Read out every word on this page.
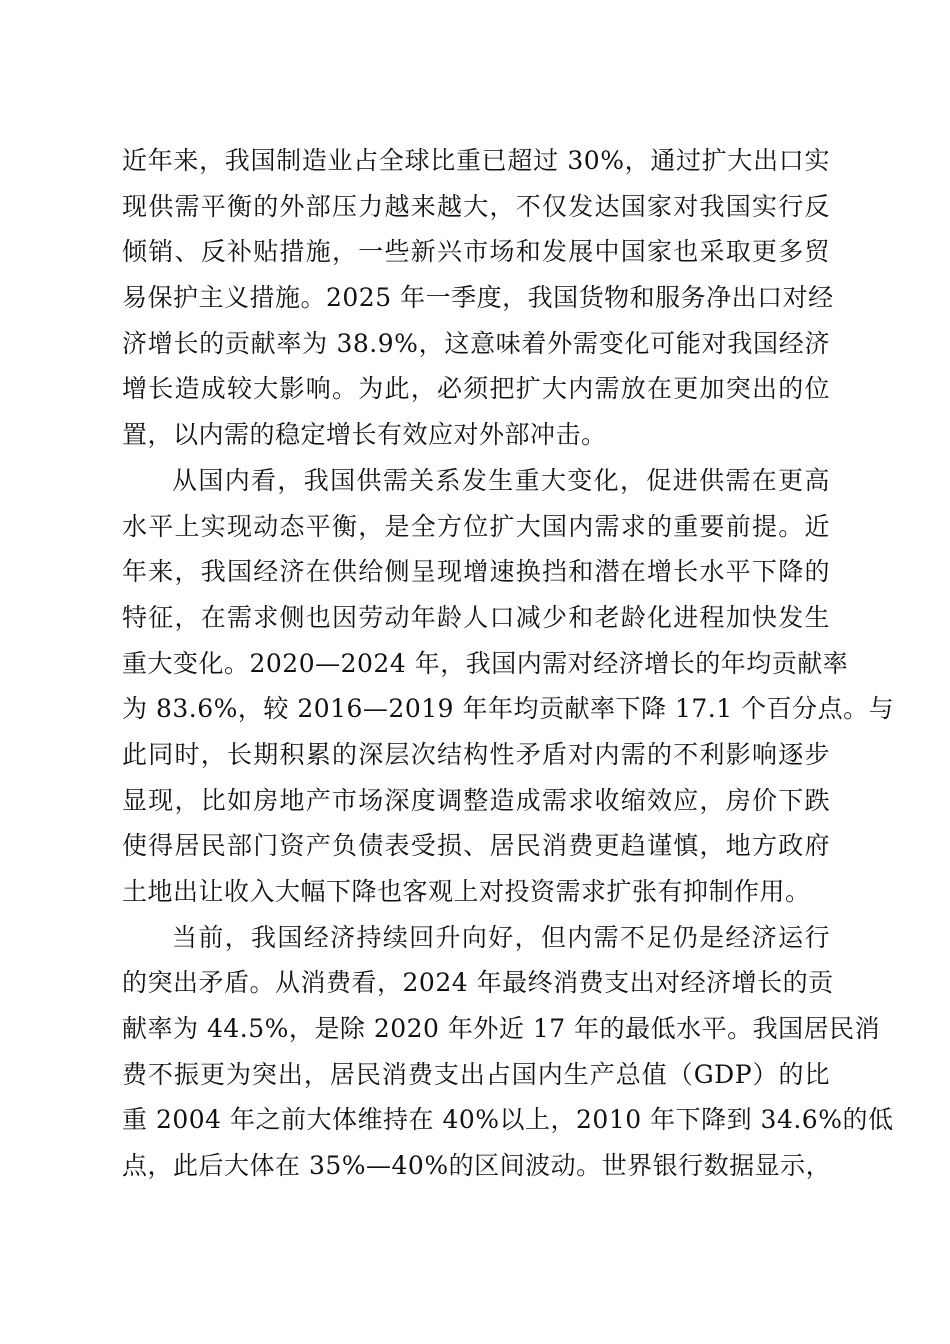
近年来，我国制造业占全球比重已超过 30%，通过扩大出口实
现供需平衡的外部压力越来越大，不仅发达国家对我国实行反
倾销、反补贴措施，一些新兴市场和发展中国家也采取更多贸
易保护主义措施。2025 年一季度，我国货物和服务净出口对经
济增长的贡献率为 38.9%，这意味着外需变化可能对我国经济
增长造成较大影响。为此，必须把扩大内需放在更加突出的位
置，以内需的稳定增长有效应对外部冲击。
从国内看，我国供需关系发生重大变化，促进供需在更高
水平上实现动态平衡，是全方位扩大国内需求的重要前提。近
年来，我国经济在供给侧呈现增速换挡和潜在增长水平下降的
特征，在需求侧也因劳动年龄人口减少和老龄化进程加快发生
重大变化。2020—2024 年，我国内需对经济增长的年均贡献率
为 83.6%，较 2016—2019 年年均贡献率下降 17.1 个百分点。与
此同时，长期积累的深层次结构性矛盾对内需的不利影响逐步
显现，比如房地产市场深度调整造成需求收缩效应，房价下跌
使得居民部门资产负债表受损、居民消费更趋谨慎，地方政府
土地出让收入大幅下降也客观上对投资需求扩张有抑制作用。
当前，我国经济持续回升向好，但内需不足仍是经济运行
的突出矛盾。从消费看，2024 年最终消费支出对经济增长的贡
献率为 44.5%，是除 2020 年外近 17 年的最低水平。我国居民消
费不振更为突出，居民消费支出占国内生产总值（GDP）的比
重 2004 年之前大体维持在 40%以上，2010 年下降到 34.6%的低
点，此后大体在 35%—40%的区间波动。世界银行数据显示，
